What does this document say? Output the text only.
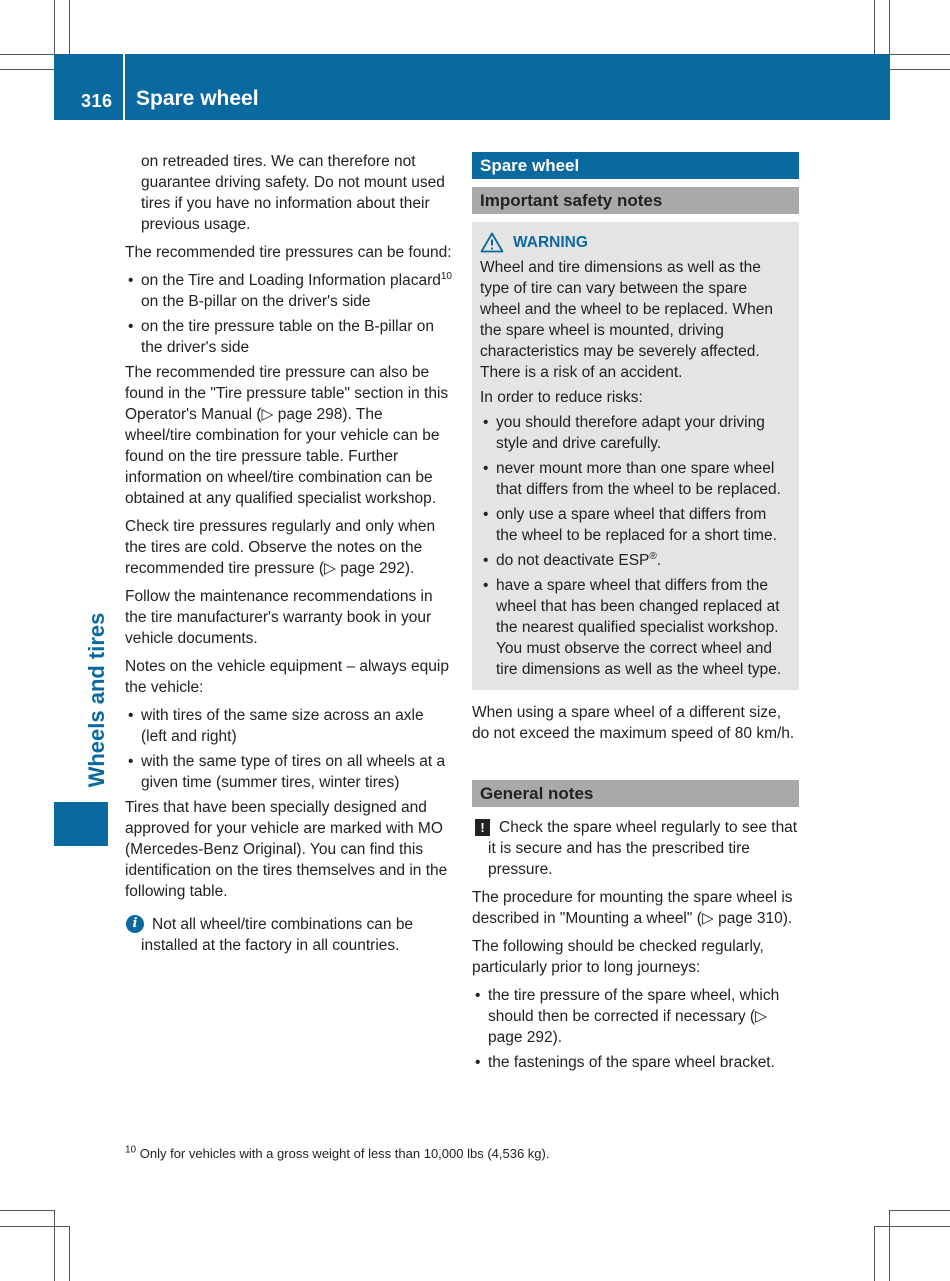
316 Spare wheel
Wheels and tires

on retreaded tires. We can therefore not guarantee driving safety. Do not mount used tires if you have no information about their previous usage.

The recommended tire pressures can be found:

• on the Tire and Loading Information placard$^{10}$ on the B-pillar on the driver's side
• on the tire pressure table on the B-pillar on the driver's side

The recommended tire pressure can also be found in the "Tire pressure table" section in this Operator's Manual (▷ page 298). The wheel/tire combination for your vehicle can be found on the tire pressure table. Further information on wheel/tire combination can be obtained at any qualified specialist workshop.

Check tire pressures regularly and only when the tires are cold. Observe the notes on the recommended tire pressure (▷ page 292).

Follow the maintenance recommendations in the tire manufacturer's warranty book in your vehicle documents.

Notes on the vehicle equipment – always equip the vehicle:

• with tires of the same size across an axle (left and right)
• with the same type of tires on all wheels at a given time (summer tires, winter tires)

Tires that have been specially designed and approved for your vehicle are marked with MO (Mercedes-Benz Original). You can find this identification on the tires themselves and in the following table.

i Not all wheel/tire combinations can be installed at the factory in all countries.
Spare wheel
Important safety notes
WARNING

Wheel and tire dimensions as well as the type of tire can vary between the spare wheel and the wheel to be replaced. When the spare wheel is mounted, driving characteristics may be severely affected. There is a risk of an accident.

In order to reduce risks:

• you should therefore adapt your driving style and drive carefully.
• never mount more than one spare wheel that differs from the wheel to be replaced.
• only use a spare wheel that differs from the wheel to be replaced for a short time.
• do not deactivate ESP®.
• have a spare wheel that differs from the wheel that has been changed replaced at the nearest qualified specialist workshop. You must observe the correct wheel and tire dimensions as well as the wheel type.

When using a spare wheel of a different size, do not exceed the maximum speed of 80 km/h.

General notes
! Check the spare wheel regularly to see that it is secure and has the prescribed tire pressure.

The procedure for mounting the spare wheel is described in "Mounting a wheel" (▷ page 310).

The following should be checked regularly, particularly prior to long journeys:

• the tire pressure of the spare wheel, which should then be corrected if necessary (▷ page 292).
• the fastenings of the spare wheel bracket.
$^{10}$ Only for vehicles with a gross weight of less than 10,000 lbs (4,536 kg).
